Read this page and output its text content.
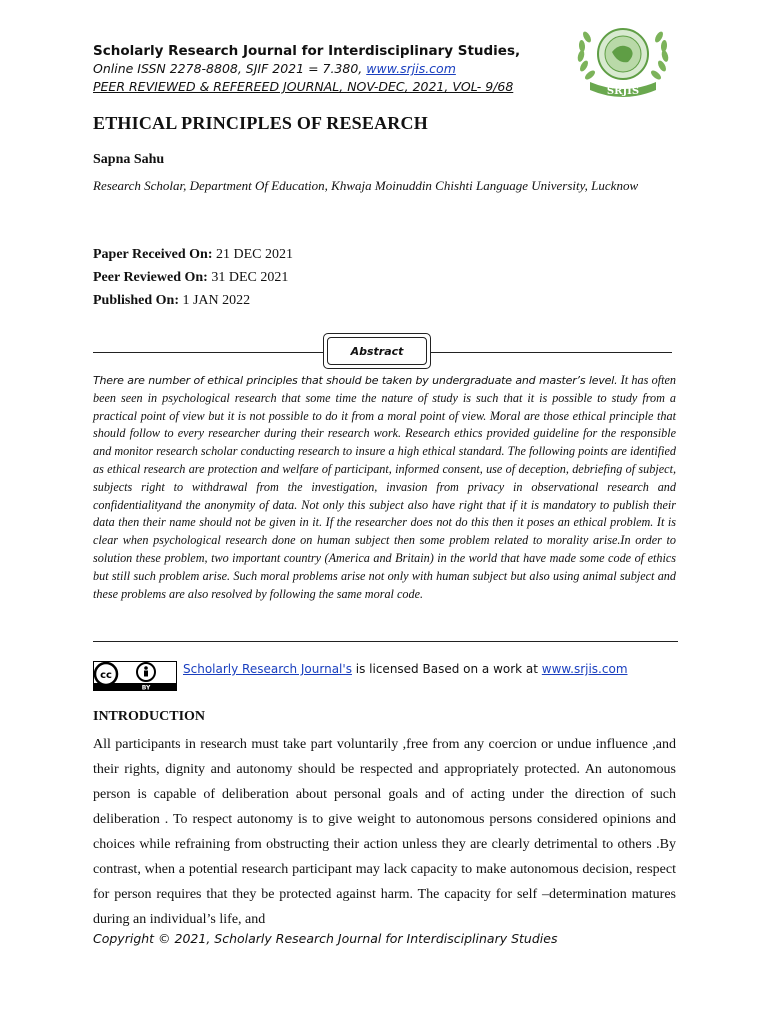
Scholarly Research Journal for Interdisciplinary Studies,
Online ISSN 2278-8808, SJIF 2021 = 7.380, www.srjis.com
PEER REVIEWED & REFEREED JOURNAL, NOV-DEC, 2021, VOL- 9/68	SRJIS
ETHICAL PRINCIPLES OF RESEARCH
Sapna Sahu
Research Scholar, Department Of Education, Khwaja Moinuddin Chishti Language University, Lucknow
Paper Received On: 21 DEC 2021
Peer Reviewed On: 31 DEC 2021
Published On: 1 JAN 2022
Abstract
There are number of ethical principles that should be taken by undergraduate and master’s level. It has often been seen in psychological research that some time the nature of study is such that it is possible to study from a practical point of view but it is not possible to do it from a moral point of view. Moral are those ethical principle that should follow to every researcher during their research work. Research ethics provided guideline for the responsible and monitor research scholar conducting research to insure a high ethical standard. The following points are identified as ethical research are protection and welfare of participant, informed consent, use of deception, debriefing of subject, subjects right to withdrawal from the investigation, invasion from privacy in observational research and confidentialityand the anonymity of data. Not only this subject also have right that if it is mandatory to publish their data then their name should not be given in it. If the researcher does not do this then it poses an ethical problem. It is clear when psychological research done on human subject then some problem related to morality arise.In order to solution these problem, two important country (America and Britain) in the world that have made some code of ethics but still such problem arise. Such moral problems arise not only with human subject but also using animal subject and these problems are also resolved by following the same moral code.
cc
BY
Scholarly Research Journal's is licensed Based on a work at www.srjis.com
INTRODUCTION
All participants in research must take part voluntarily ,free from any coercion or undue influence ,and their rights, dignity and autonomy should be respected and appropriately protected. An autonomous person is capable of deliberation about personal goals and of acting under the direction of such deliberation . To respect autonomy is to give weight to autonomous persons considered opinions and choices while refraining from obstructing their action unless they are clearly detrimental to others .By contrast, when a potential research participant may lack capacity to make autonomous decision, respect for person requires that they be protected against harm. The capacity for self –determination matures during an individual’s life, and
Copyright © 2021, Scholarly Research Journal for Interdisciplinary Studies
